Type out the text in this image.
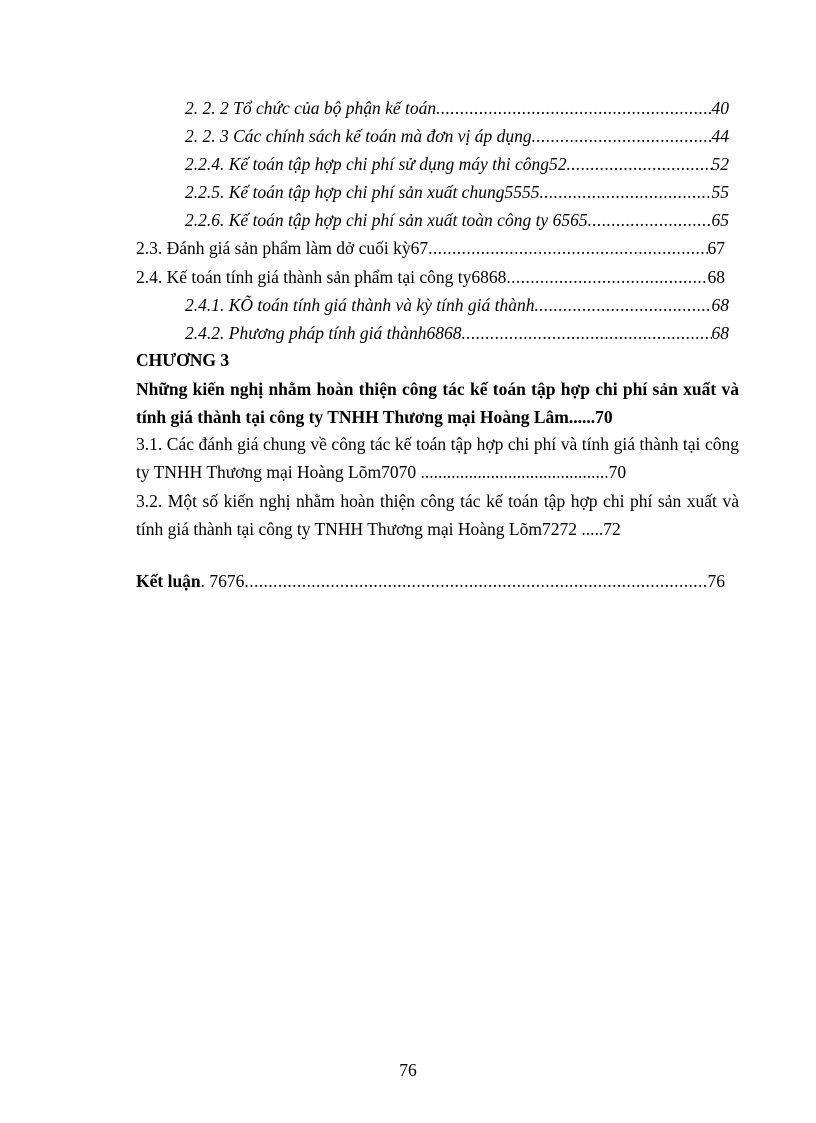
2. 2. 2 Tổ chức của bộ phận kế toán .....	40
2. 2. 3 Các chính sách kế toán mà đơn vị áp dụng .....	44
2.2.4. Kế toán tập hợp chi phí sử dụng máy thi công52 .....	52
2.2.5. Kế toán tập hợp chi phí sản xuất chung5555 .....	55
2.2.6. Kế toán tập hợp chi phí sản xuất toàn công ty 6565 .....	65
2.3. Đánh giá sản phẩm làm dở cuối kỳ67 .....	67
2.4. Kế toán tính giá thành sản phẩm tại công ty6868 .....	68
2.4.1. KÕ toán tính giá thành và kỳ tính giá thành .....	68
2.4.2. Phương pháp tính giá thành6868 .....	68
CHƯƠNG 3
Những kiến nghị nhằm hoàn thiện công tác kế toán tập hợp chi phí sản xuất và tính giá thành tại công ty TNHH Thương mại Hoàng Lâm......70
3.1. Các đánh giá chung về công tác kế toán tập hợp chi phí và tính giá thành tại công ty TNHH Thương mại Hoàng Lõm7070 ...........................................70
3.2. Một số kiến nghị nhằm hoàn thiện công tác kế toán tập hợp chi phí sản xuất và tính giá thành tại công ty TNHH Thương mại Hoàng Lõm7272 .....72
Kết luận . 7676 .....	76
76
